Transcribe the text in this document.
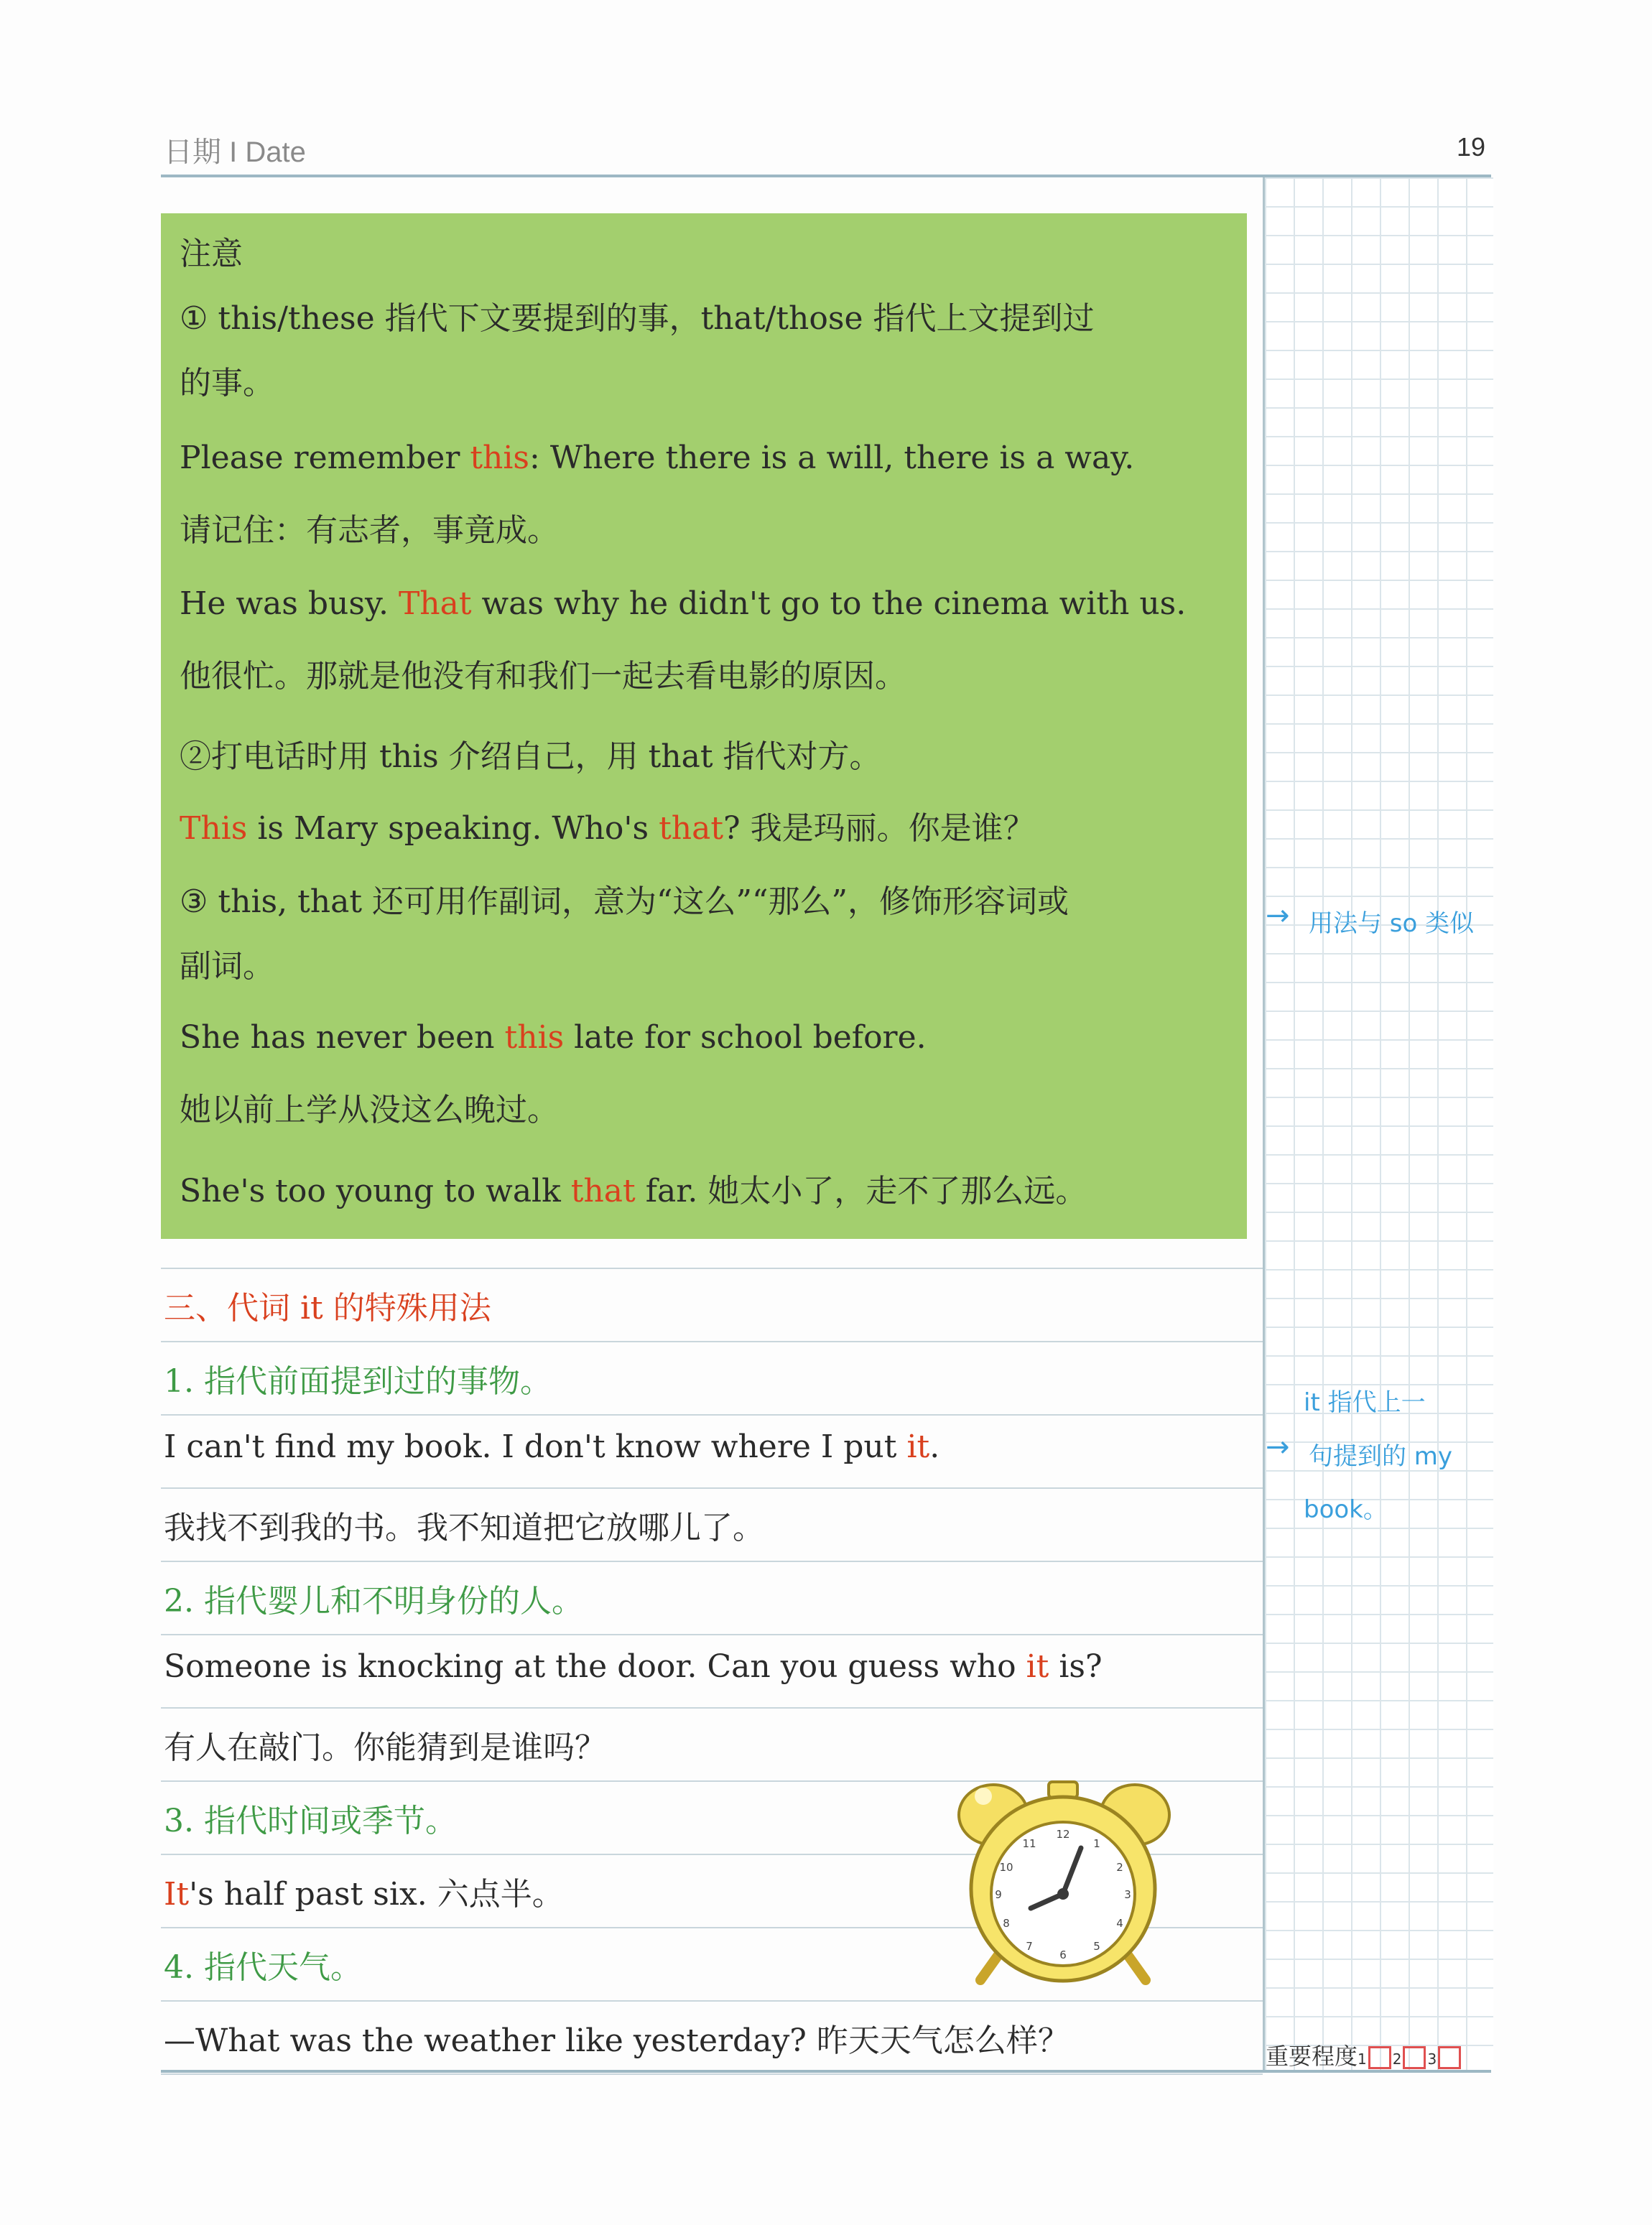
日期 I Date	19
注意
① this/these 指代下文要提到的事，that/those 指代上文提到过
的事。
Please remember this: Where there is a will, there is a way.
请记住：有志者，事竟成。
He was busy. That was why he didn't go to the cinema with us.
他很忙。那就是他没有和我们一起去看电影的原因。
②打电话时用 this 介绍自己，用 that 指代对方。
This is Mary speaking. Who's that? 我是玛丽。你是谁？
③ this, that 还可用作副词，意为“这么”“那么”，修饰形容词或
副词。
She has never been this late for school before.
她以前上学从没这么晚过。
She's too young to walk that far. 她太小了，走不了那么远。
三、代词 it 的特殊用法
1. 指代前面提到过的事物。
I can't find my book. I don't know where I put it.
我找不到我的书。我不知道把它放哪儿了。
2. 指代婴儿和不明身份的人。
Someone is knocking at the door. Can you guess who it is?
有人在敲门。你能猜到是谁吗？
3. 指代时间或季节。
It's half past six. 六点半。
4. 指代天气。
—What was the weather like yesterday? 昨天天气怎么样？
→ 用法与 so 类似
it 指代上一
→ 句提到的 my
book。
12
1
2
3
4
5
6
7
8
9
10
11
重要程度1 2 3
